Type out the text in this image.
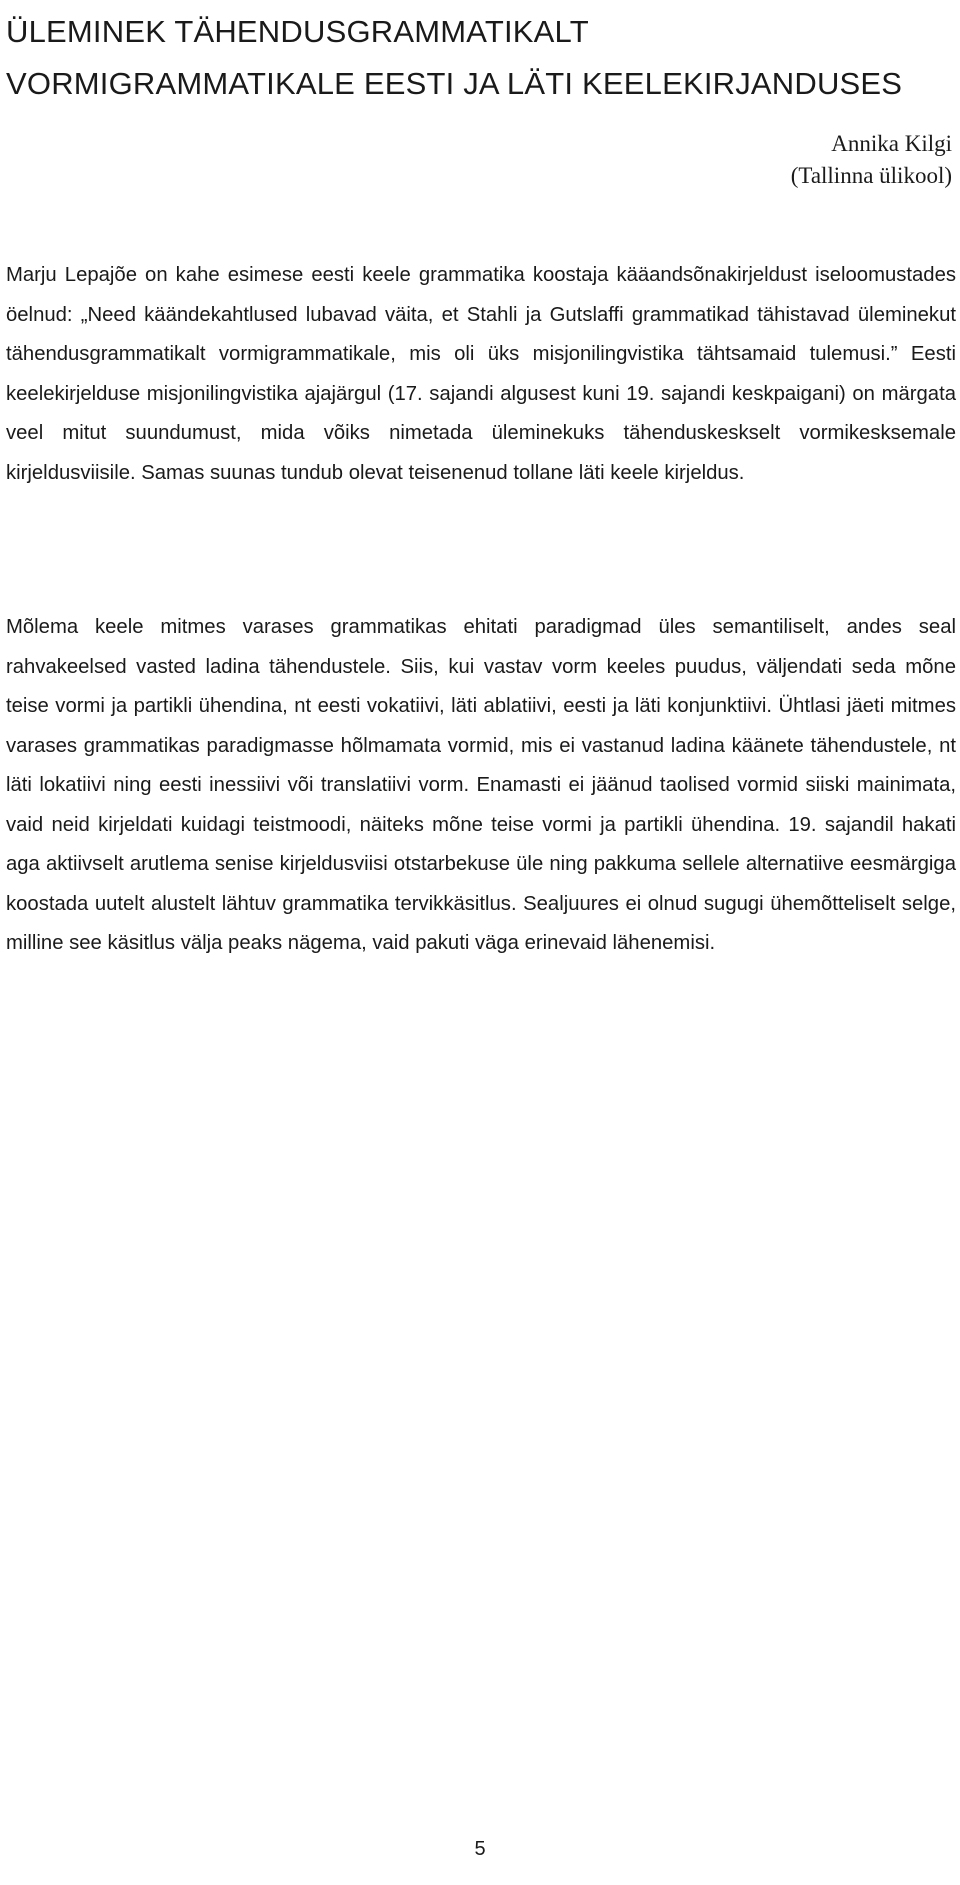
ÜLEMINEK TÄHENDUSGRAMMATIKALT
VORMIGRAMMATIKALE EESTI JA LÄTI KEELEKIRJANDUSES
Annika Kilgi
(Tallinna ülikool)

Marju Lepajõe on kahe esimese eesti keele grammatika koostaja kääandsõnakirjeldust iseloomustades öelnud: „Need käändekahtlused lubavad väita, et Stahli ja Gutslaffi grammatikad tähistavad üleminekut tähendusgrammatikalt vormigrammatikale, mis oli üks misjonilingvistika tähtsamaid tulemusi.” Eesti keelekirjelduse misjonilingvistika ajajärgul (17. sajandi algusest kuni 19. sajandi keskpaigani) on märgata veel mitut suundumust, mida võiks nimetada üleminekuks tähenduskeskselt vormikesksemale kirjeldusviisile. Samas suunas tundub olevat teisenenud tollane läti keele kirjeldus.

Mõlema keele mitmes varases grammatikas ehitati paradigmad üles semantiliselt, andes seal rahvakeelsed vasted ladina tähendustele. Siis, kui vastav vorm keeles puudus, väljendati seda mõne teise vormi ja partikli ühendina, nt eesti vokatiivi, läti ablatiivi, eesti ja läti konjunktiivi. Ühtlasi jäeti mitmes varases grammatikas paradigmasse hõlmamata vormid, mis ei vastanud ladina käänete tähendustele, nt läti lokatiivi ning eesti inessiivi või translatiivi vorm. Enamasti ei jäänud taolised vormid siiski mainimata, vaid neid kirjeldati kuidagi teistmoodi, näiteks mõne teise vormi ja partikli ühendina. 19. sajandil hakati aga aktiivselt arutlema senise kirjeldusviisi otstarbekuse üle ning pakkuma sellele alternatiive eesmärgiga koostada uutelt alustelt lähtuv grammatika tervikkäsitlus. Sealjuures ei olnud sugugi ühemõtteliselt selge, milline see käsitlus välja peaks nägema, vaid pakuti väga erinevaid lähenemisi.

5
